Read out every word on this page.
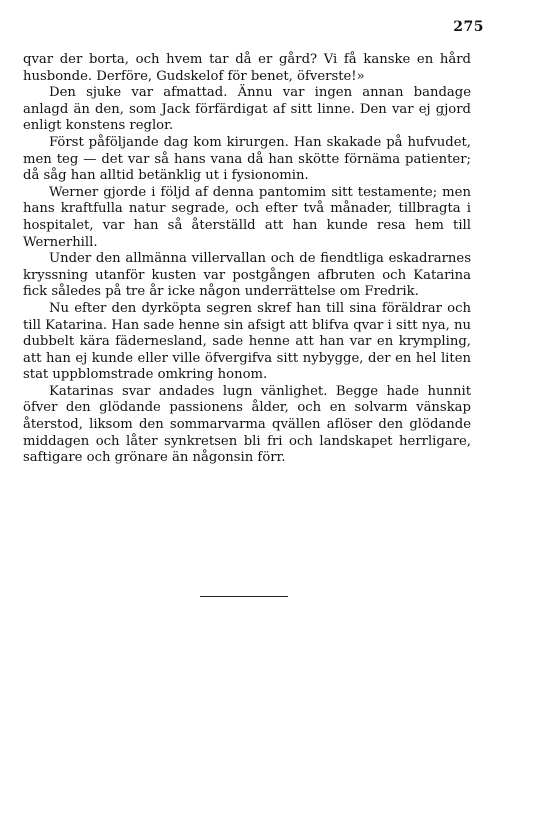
275

qvar der borta, och hvem tar då er gård? Vi få kanske en hård husbonde. Derföre, Gudskelof för benet, öfverste!»

Den sjuke var afmattad. Ännu var ingen annan bandage anlagd än den, som Jack förfärdigat af sitt linne. Den var ej gjord enligt konstens reglor.

Först påföljande dag kom kirurgen. Han skakade på hufvudet, men teg — det var så hans vana då han skötte förnäma patienter; då såg han alltid betänklig ut i fysionomin.

Werner gjorde i följd af denna pantomim sitt testamente; men hans kraftfulla natur segrade, och efter två månader, tillbragta i hospitalet, var han så återställd att han kunde resa hem till Wernerhill.

Under den allmänna villervallan och de fiendtliga eskadrarnes kryssning utanför kusten var postgången afbruten och Katarina fick således på tre år icke någon underrättelse om Fredrik.

Nu efter den dyrköpta segren skref han till sina föräldrar och till Katarina. Han sade henne sin afsigt att blifva qvar i sitt nya, nu dubbelt kära fädernesland, sade henne att han var en krympling, att han ej kunde eller ville öfvergifva sitt nybygge, der en hel liten stat uppblomstrade omkring honom.

Katarinas svar andades lugn vänlighet. Begge hade hunnit öfver den glödande passionens ålder, och en solvarm vänskap återstod, liksom den sommarvarma qvällen aflöser den glödande middagen och låter synkretsen bli fri och landskapet herrligare, saftigare och grönare än någonsin förr.
